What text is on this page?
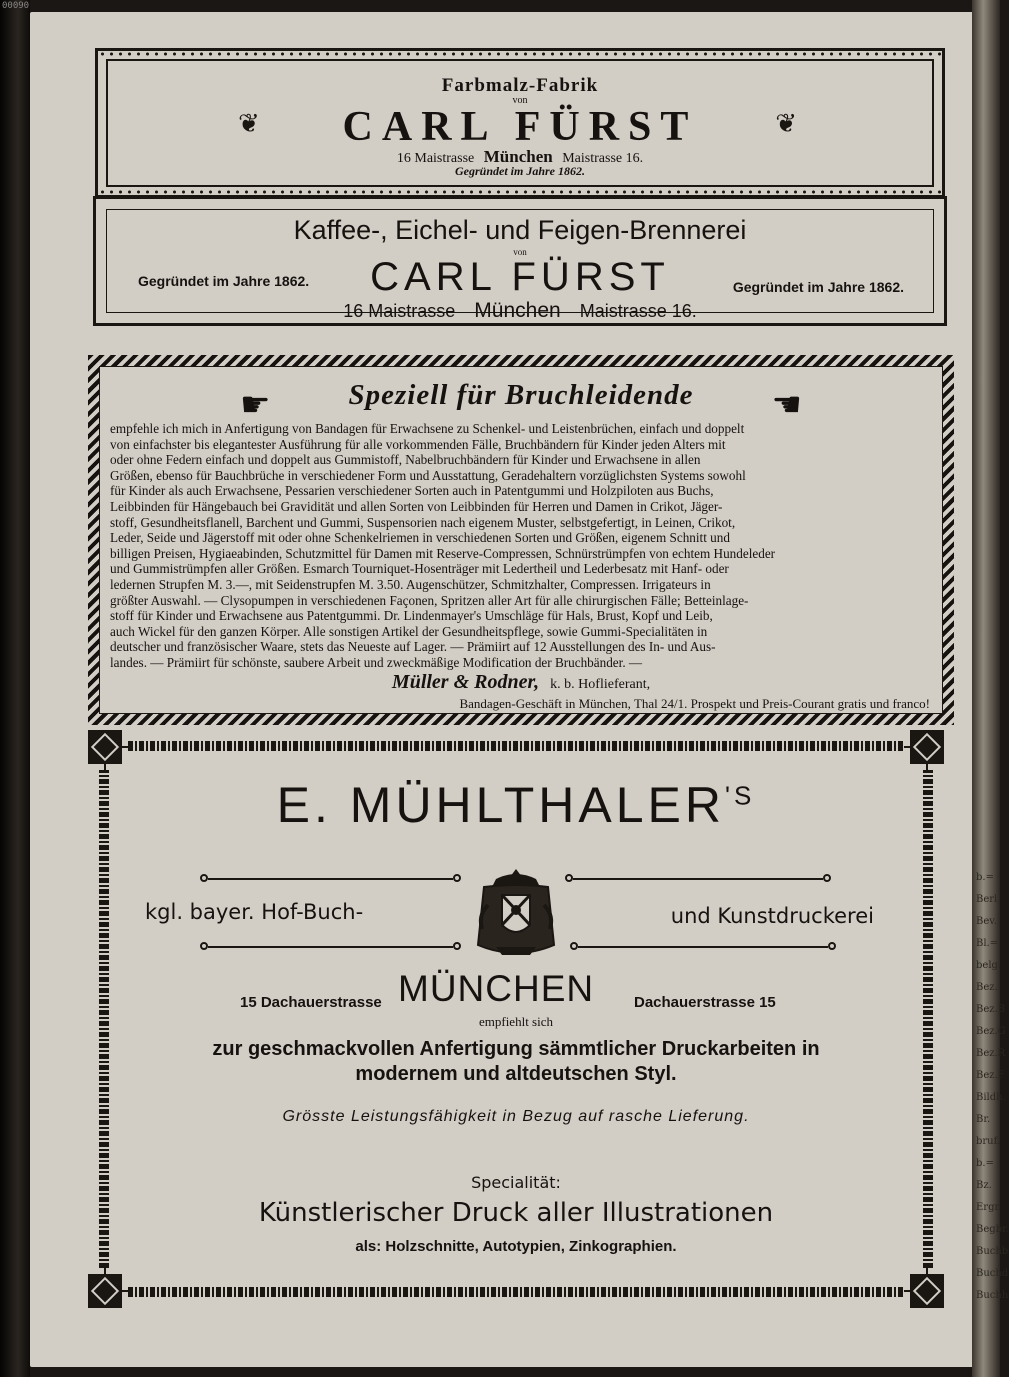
b.=
Berl
Bev.
Bl.=
belg.
Bez.
Bez.B
Bez.G
Bez.R
Bez.F
Bildh.
Br.
bruf.
b.=
Bz.
Ergr.
Begbr.
Buchb
Buchd
Buchh
00090
❦	❦
Farbmalz-Fabrik
von
CARL FÜRST
16 Maistrasse München Maistrasse 16.
Gegründet im Jahre 1862.
Kaffee-, Eichel- und Feigen-Brennerei
von
Gegründet im Jahre 1862.	CARL FÜRST	Gegründet im Jahre 1862.
16 Maistrasse München Maistrasse 16.
☛	☚
Speziell für Bruchleidende
empfehle ich mich in Anfertigung von Bandagen für Erwachsene zu Schenkel- und Leistenbrüchen, einfach und doppelt
von einfachster bis elegantester Ausführung für alle vorkommenden Fälle, Bruchbändern für Kinder jeden Alters mit
oder ohne Federn einfach und doppelt aus Gummistoff, Nabelbruchbändern für Kinder und Erwachsene in allen
Größen, ebenso für Bauchbrüche in verschiedener Form und Ausstattung, Geradehaltern vorzüglichsten Systems sowohl
für Kinder als auch Erwachsene, Pessarien verschiedener Sorten auch in Patentgummi und Holzpiloten aus Buchs,
Leibbinden für Hängebauch bei Gravidität und allen Sorten von Leibbinden für Herren und Damen in Crikot, Jäger-
stoff, Gesundheitsflanell, Barchent und Gummi, Suspensorien nach eigenem Muster, selbstgefertigt, in Leinen, Crikot,
Leder, Seide und Jägerstoff mit oder ohne Schenkelriemen in verschiedenen Sorten und Größen, eigenem Schnitt und
billigen Preisen, Hygiaeabinden, Schutzmittel für Damen mit Reserve-Compressen, Schnürstrümpfen von echtem Hundeleder
und Gummistrümpfen aller Größen. Esmarch Tourniquet-Hosenträger mit Ledertheil und Lederbesatz mit Hanf- oder
ledernen Strupfen M. 3.—, mit Seidenstrupfen M. 3.50. Augenschützer, Schmitzhalter, Compressen. Irrigateurs in
größter Auswahl. — Clysopumpen in verschiedenen Façonen, Spritzen aller Art für alle chirurgischen Fälle; Betteinlage-
stoff für Kinder und Erwachsene aus Patentgummi. Dr. Lindenmayer's Umschläge für Hals, Brust, Kopf und Leib,
auch Wickel für den ganzen Körper. Alle sonstigen Artikel der Gesundheitspflege, sowie Gummi-Specialitäten in
deutscher und französischer Waare, stets das Neueste auf Lager. — Prämiirt auf 12 Ausstellungen des In- und Aus-
landes. — Prämiirt für schönste, saubere Arbeit und zweckmäßige Modification der Bruchbänder. —
Müller & Rodner, k. b. Hoflieferant,
Bandagen-Geschäft in München, Thal 24/1. Prospekt und Preis-Courant gratis und franco!
E. $MÜHLTHALER^{'S}$
kgl. bayer. Hof-Buch-	und Kunstdruckerei
15 Dachauerstrasse MÜNCHEN	Dachauerstrasse 15
empfiehlt sich
zur geschmackvollen Anfertigung sämmtlicher Druckarbeiten in
modernem und altdeutschen Styl.
Grösste Leistungsfähigkeit in Bezug auf rasche Lieferung.
Specialität:
Künstlerischer Druck aller Illustrationen
als: Holzschnitte, Autotypien, Zinkographien.
